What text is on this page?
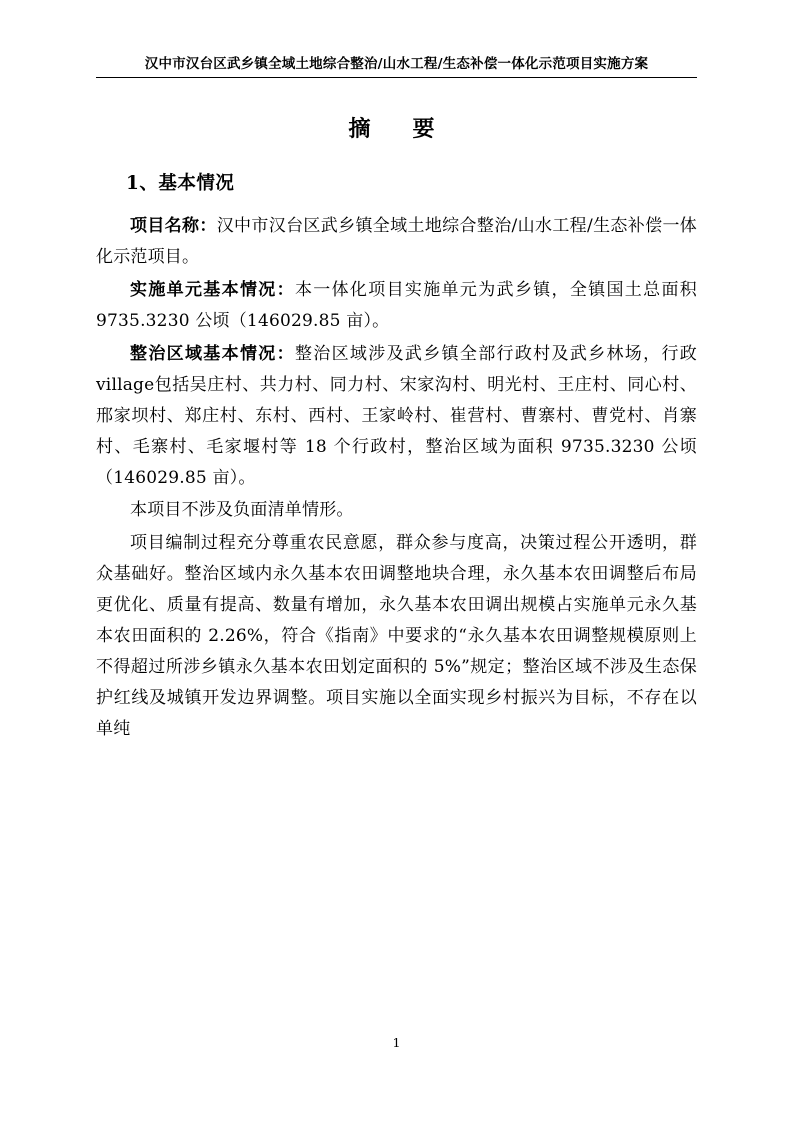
汉中市汉台区武乡镇全域土地综合整治/山水工程/生态补偿一体化示范项目实施方案
摘　要
1、基本情况

项目名称：汉中市汉台区武乡镇全域土地综合整治/山水工程/生态补偿一体化示范项目。

实施单元基本情况：本一体化项目实施单元为武乡镇，全镇国土总面积 9735.3230 公顷（146029.85 亩）。

整治区域基本情况：整治区域涉及武乡镇全部行政村及武乡林场，行政village包括吴庄村、共力村、同力村、宋家沟村、明光村、王庄村、同心村、邢家坝村、郑庄村、东村、西村、王家岭村、崔营村、曹寨村、曹党村、肖寨村、毛寨村、毛家堰村等 18 个行政村，整治区域为面积 9735.3230 公顷（146029.85 亩）。

本项目不涉及负面清单情形。

项目编制过程充分尊重农民意愿，群众参与度高，决策过程公开透明，群众基础好。整治区域内永久基本农田调整地块合理，永久基本农田调整后布局更优化、质量有提高、数量有增加，永久基本农田调出规模占实施单元永久基本农田面积的 2.26%，符合《指南》中要求的“永久基本农田调整规模原则上不得超过所涉乡镇永久基本农田划定面积的 5%”规定；整治区域不涉及生态保护红线及城镇开发边界调整。项目实施以全面实现乡村振兴为目标，不存在以单纯

1
